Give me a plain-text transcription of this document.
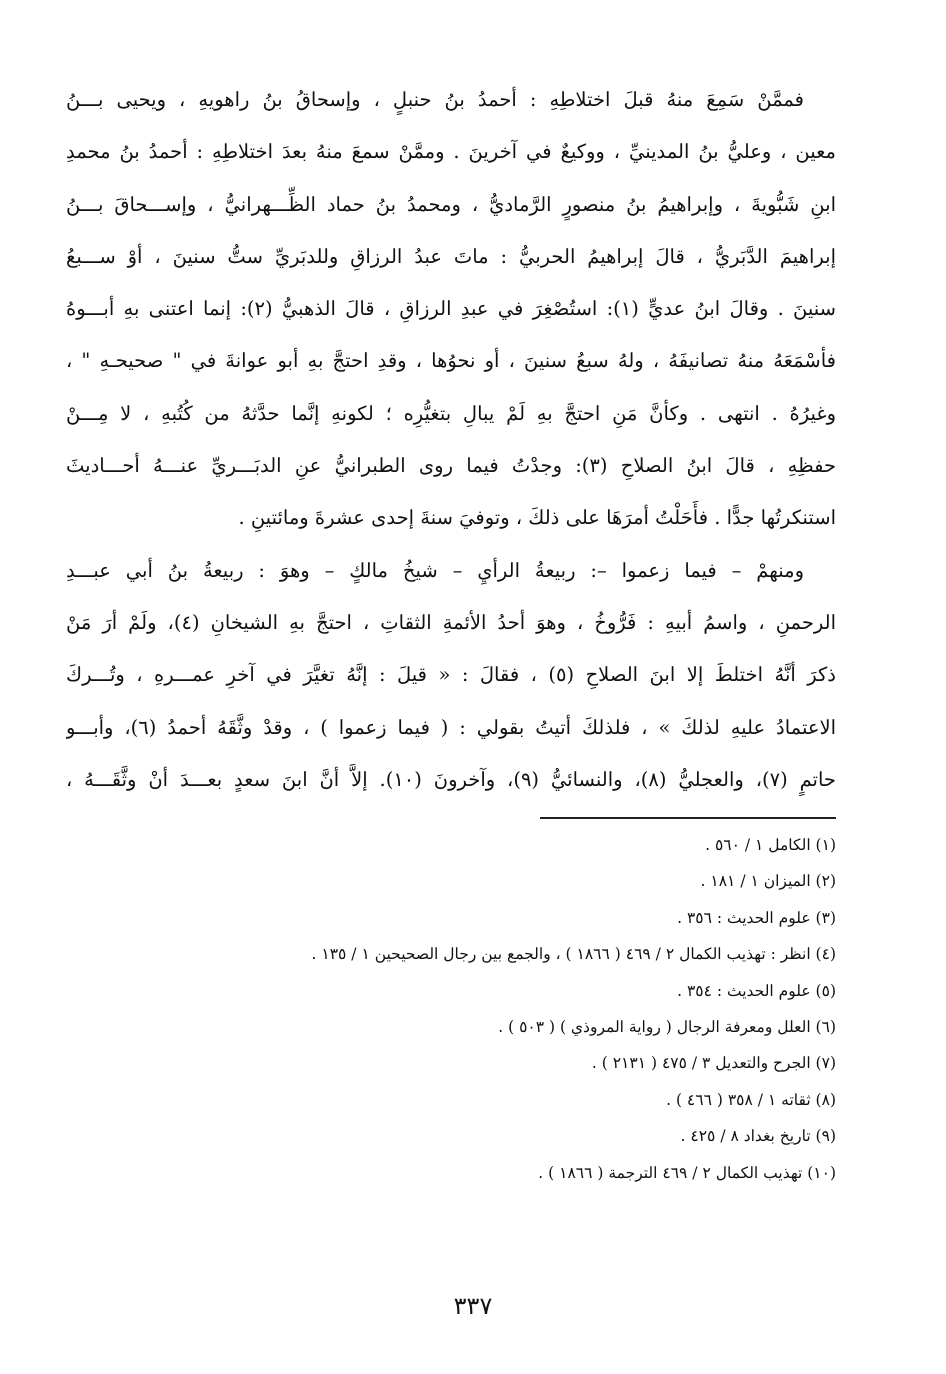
فممَّنْ سَمِعَ منهُ قبلَ اختلاطِهِ : أحمدُ بنُ حنبلٍ ، وإسحاقُ بنُ راهويهِ ، ويحيى بـــنُ
معين ، وعليُّ بنُ المدينيِّ ، ووكيعٌ في آخرينَ . وممَّنْ سمعَ منهُ بعدَ اختلاطِهِ : أحمدُ بنُ محمدِ
ابنِ شَبُّويةَ ، وإبراهيمُ بنُ منصورٍ الرَّماديُّ ، ومحمدُ بنُ حماد الظِّـــهرانيُّ ، وإســـحاقَ بـــنُ
إبراهيمَ الدَّبَريُّ ، قالَ إبراهيمُ الحربيُّ : ماتَ عبدُ الرزاقِ وللدبَريِّ ستُّ سنينَ ، أوْ ســـبعُ
سنينَ . وقالَ ابنُ عديٍّ (١): استُصْغِرَ في عبدِ الرزاقِ ، قالَ الذهبيُّ (٢): إنما اعتنى بهِ أبـــوهُ
فأسْمَعَهُ منهُ تصانيفَهُ ، ولهُ سبعُ سنينَ ، أو نحوُها ، وقدِ احتجَّ بهِ أبو عوانةَ في " صحيحـهِ " ،
وغيرُهُ . انتهى . وكأنَّ مَنِ احتجَّ بهِ لَمْ يبالِ بتغيُّرِه ؛ لكونهِ إنَّما حدَّثهُ من كُتُبهِ ، لا مِـــنْ
حفظِهِ ، قالَ ابنُ الصلاحِ (٣): وجدْتُ فيما روى الطبرانيُّ عنِ الدبَـــريِّ عنـــهُ أحـــاديثَ
استنكرتُها جدًّا . فأَحَلْتُ أمرَهَا على ذلكَ ، وتوفيَ سنةَ إحدى عشرةَ ومائتينِ .
ومنهمْ – فيما زعموا –: ربيعةُ الرأيِ – شيخُ مالكٍ – وهوَ : ربيعةُ بنُ أبي عبـــدِ
الرحمنِ ، واسمُ أبيهِ : فَرُّوخُ ، وهوَ أحدُ الأئمةِ الثقاتِ ، احتجَّ بهِ الشيخانِ (٤)، ولَمْ أرَ مَنْ
ذكرَ أنَّهُ اختلطَ إلا ابنَ الصلاحِ (٥) ، فقالَ : « قيلَ : إنَّهُ تغيَّرَ في آخرِ عمـــرهِ ، وتُـــركَ
الاعتمادُ عليهِ لذلكَ » ، فلذلكَ أتيتُ بقولي : ( فيما زعموا ) ، وقدْ وثَّقَهُ أحمدُ (٦)، وأبـــو
حاتمٍ (٧)، والعجليُّ (٨)، والنسائيُّ (٩)، وآخرونَ (١٠). إلاَّ أنَّ ابنَ سعدٍ بعـــدَ أنْ وثَّقَـــهُ ،
(١) الكامل ١ / ٥٦٠ .
(٢) الميزان ١ / ١٨١ .
(٣) علوم الحديث : ٣٥٦ .
(٤) انظر : تهذيب الكمال ٢ / ٤٦٩ ( ١٨٦٦ ) ، والجمع بين رجال الصحيحين ١ / ١٣٥ .
(٥) علوم الحديث : ٣٥٤ .
(٦) العلل ومعرفة الرجال ( رواية المروذي ) ( ٥٠٣ ) .
(٧) الجرح والتعديل ٣ / ٤٧٥ ( ٢١٣١ ) .
(٨) ثقاته ١ / ٣٥٨ ( ٤٦٦ ) .
(٩) تاريخ بغداد ٨ / ٤٢٥ .
(١٠) تهذيب الكمال ٢ / ٤٦٩ الترجمة ( ١٨٦٦ ) .
٣٣٧
